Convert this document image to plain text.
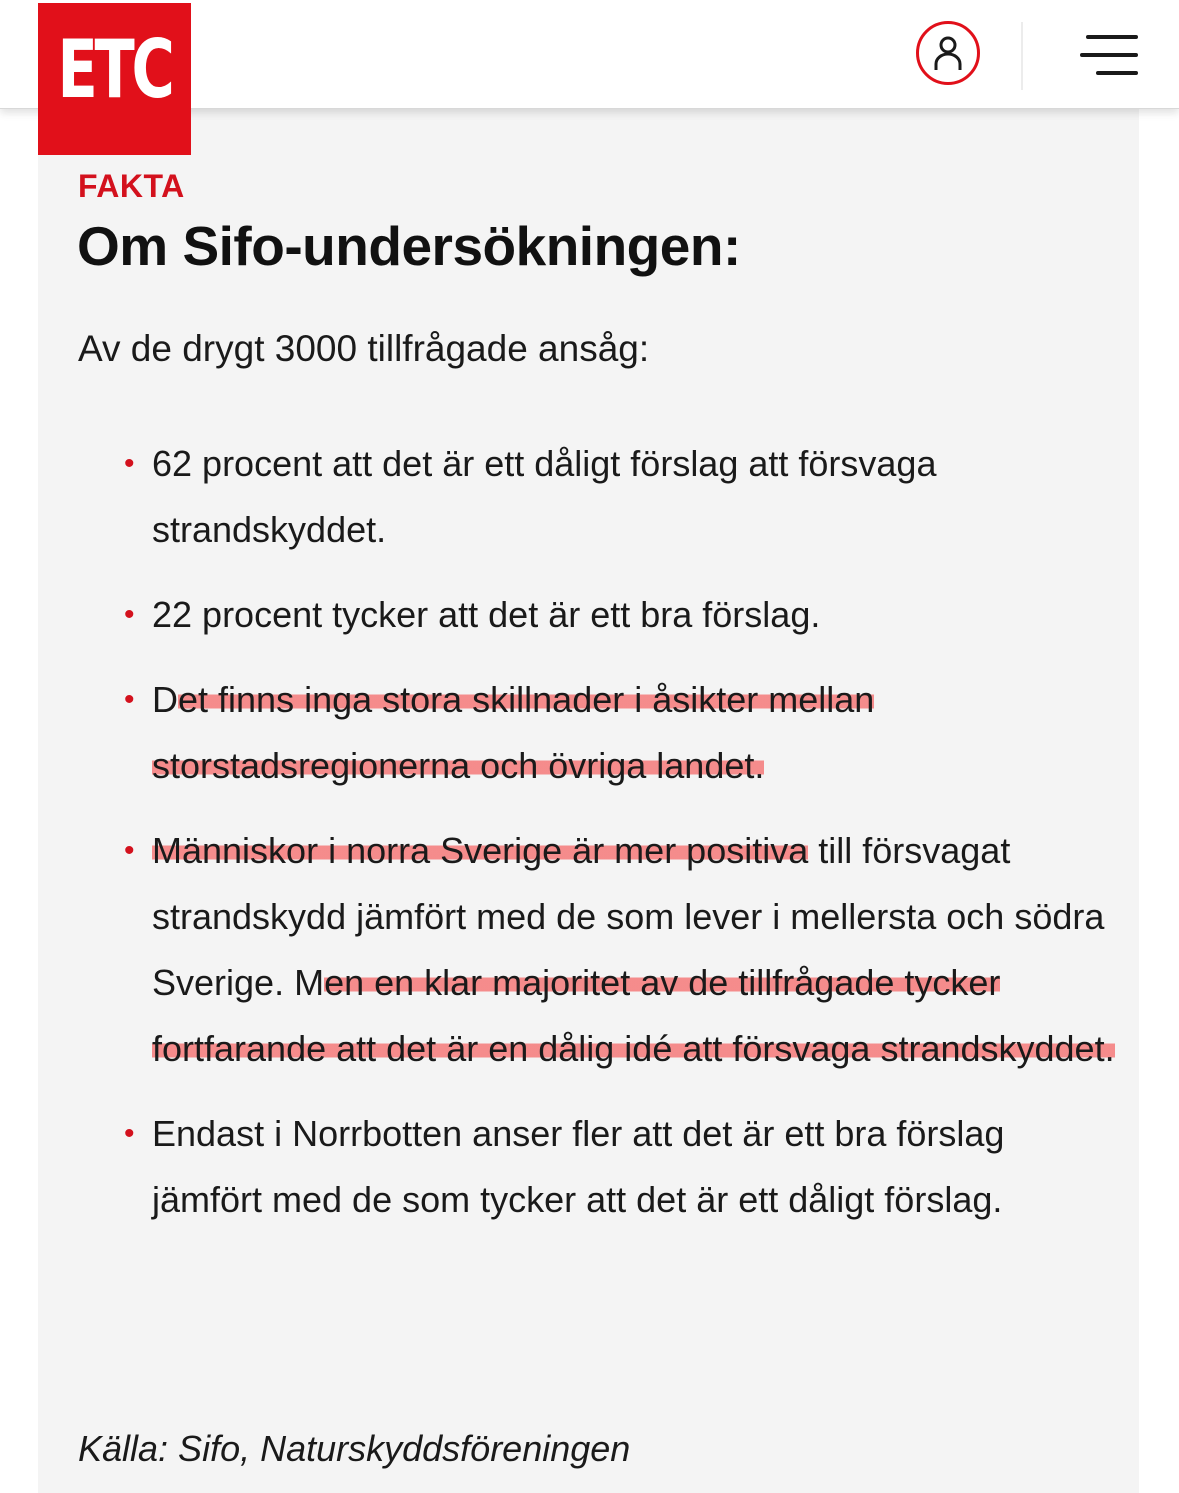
ETC
FAKTA
Om Sifo-undersökningen:
Av de drygt 3000 tillfrågade ansåg:
• 62 procent att det är ett dåligt förslag att försvaga strandskyddet.
• 22 procent tycker att det är ett bra förslag.
• Det finns inga stora skillnader i åsikter mellan storstadsregionerna och övriga landet.
• Människor i norra Sverige är mer positiva till försvagat strandskydd jämfört med de som lever i mellersta och södra Sverige. Men en klar majoritet av de tillfrågade tycker fortfarande att det är en dålig idé att försvaga strandskyddet.
• Endast i Norrbotten anser fler att det är ett bra förslag jämfört med de som tycker att det är ett dåligt förslag.
Källa: Sifo, Naturskyddsföreningen
